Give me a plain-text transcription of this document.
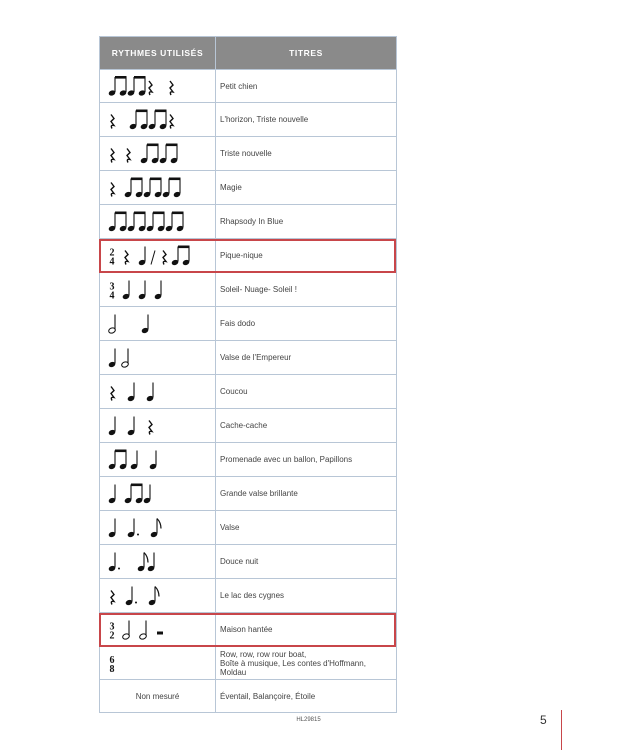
RYTHMES UTILISÉS	TITRES

	Petit chien

	L'horizon, Triste nouvelle

	Triste nouvelle

	Magie

	Rhapsody In Blue

2
4	Pique-nique

3
4	Soleil- Nuage- Soleil !

	Fais dodo

	Valse de l'Empereur

	Coucou

	Cache-cache

	Promenade avec un ballon, Papillons

	Grande valse brillante

	Valse

	Douce nuit

	Le lac des cygnes

3
2	Maison hantée

6
8	Row, row, row rour boat,
Boîte à musique, Les contes d'Hoffmann,
Moldau
Non mesuré	Éventail, Balançoire, Étoile
HL29815	5
